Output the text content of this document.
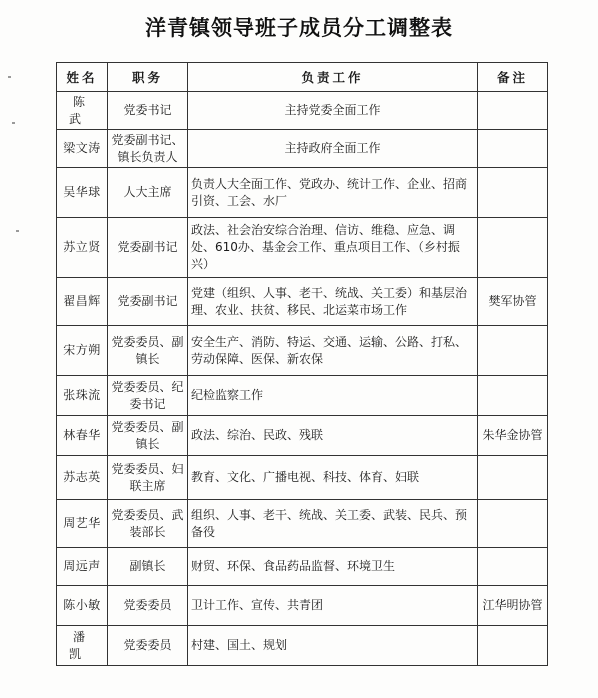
洋青镇领导班子成员分工调整表
姓名	职务	负责工作	备注
陈武	党委书记	主持党委全面工作	
梁文涛	党委副书记、镇长负责人	主持政府全面工作	
吴华球	人大主席	负责人大全面工作、党政办、统计工作、企业、招商引资、工会、水厂	
苏立贤	党委副书记	政法、社会治安综合治理、信访、维稳、应急、调处、610办、基金会工作、重点项目工作、（乡村振兴）	
翟昌辉	党委副书记	党建（组织、人事、老干、统战、关工委）和基层治理、农业、扶贫、移民、北运菜市场工作	樊军协管
宋方朔	党委委员、副镇长	安全生产、消防、特运、交通、运输、公路、打私、劳动保障、医保、新农保	
张珠流	党委委员、纪委书记	纪检监察工作	
林春华	党委委员、副镇长	政法、综治、民政、残联	朱华金协管
苏志英	党委委员、妇联主席	教育、文化、广播电视、科技、体育、妇联	
周艺华	党委委员、武装部长	组织、人事、老干、统战、关工委、武装、民兵、预备役	
周远声	副镇长	财贸、环保、食品药品监督、环境卫生	
陈小敏	党委委员	卫计工作、宣传、共青团	江华明协管
潘凯	党委委员	村建、国土、规划	
